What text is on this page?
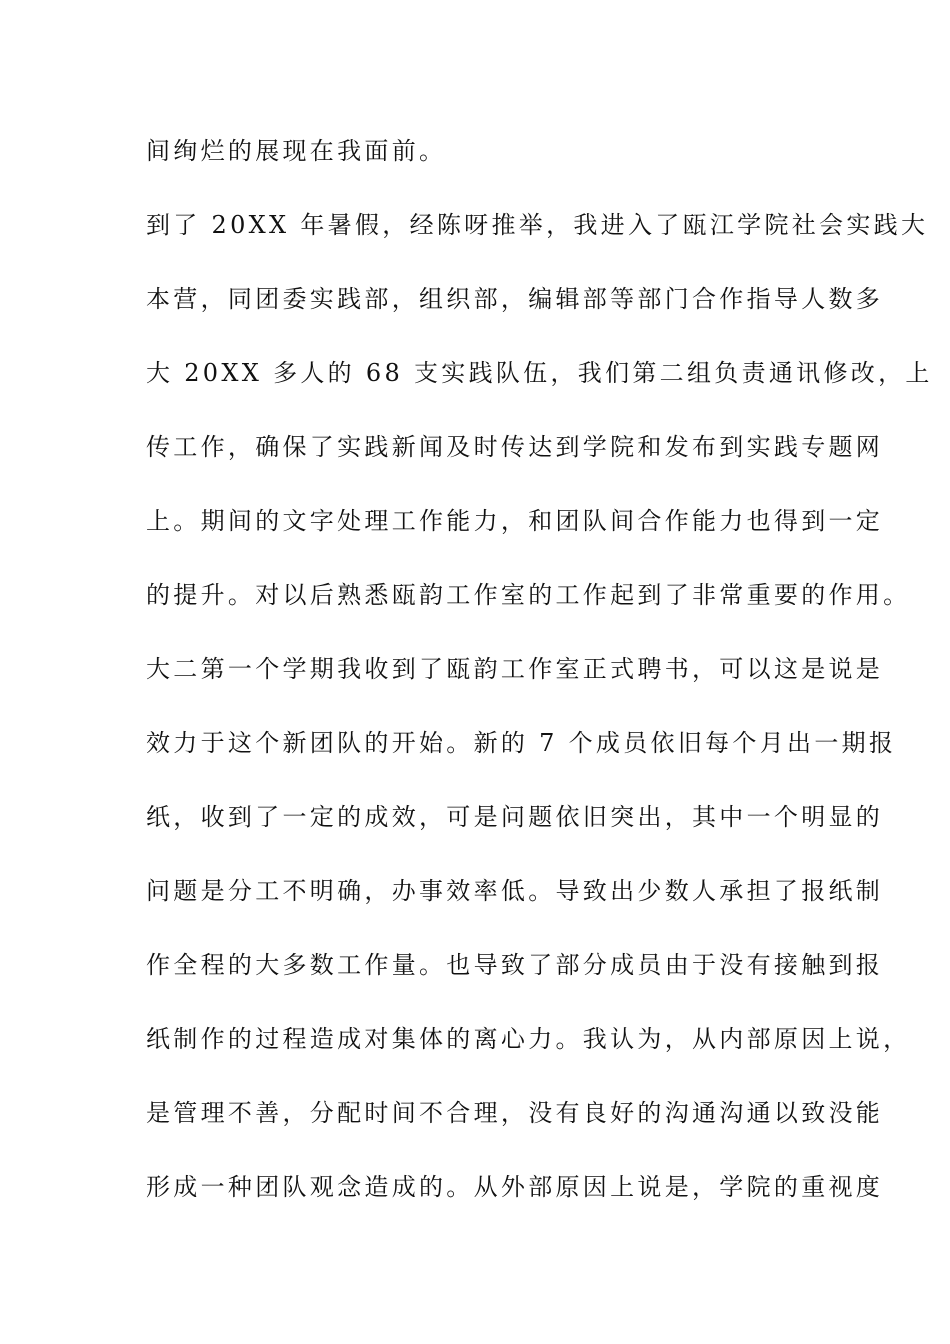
间绚烂的展现在我面前。
到了 20XX 年暑假，经陈呀推举，我进入了瓯江学院社会实践大
本营，同团委实践部，组织部，编辑部等部门合作指导人数多
大 20XX 多人的 68 支实践队伍，我们第二组负责通讯修改，上
传工作，确保了实践新闻及时传达到学院和发布到实践专题网
上。期间的文字处理工作能力，和团队间合作能力也得到一定
的提升。对以后熟悉瓯韵工作室的工作起到了非常重要的作用。
大二第一个学期我收到了瓯韵工作室正式聘书，可以这是说是
效力于这个新团队的开始。新的 7 个成员依旧每个月出一期报
纸，收到了一定的成效，可是问题依旧突出，其中一个明显的
问题是分工不明确，办事效率低。导致出少数人承担了报纸制
作全程的大多数工作量。也导致了部分成员由于没有接触到报
纸制作的过程造成对集体的离心力。我认为，从内部原因上说，
是管理不善，分配时间不合理，没有良好的沟通沟通以致没能
形成一种团队观念造成的。从外部原因上说是，学院的重视度
